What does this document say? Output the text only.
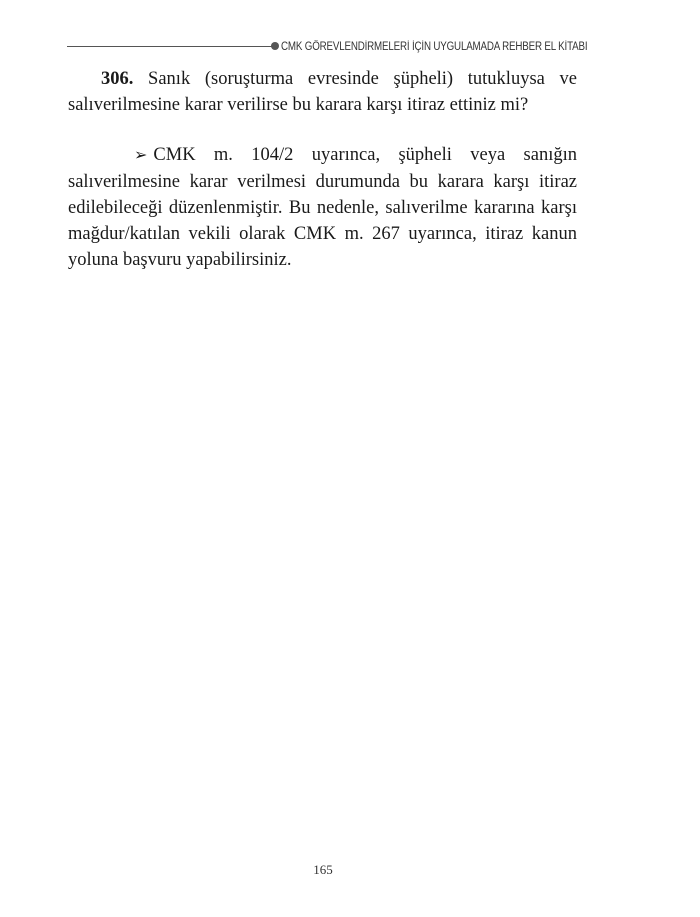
CMK GÖREVLENDİRMELERİ İÇİN UYGULAMADA REHBER EL KİTABI

306. Sanık (soruşturma evresinde şüpheli) tutukluysa ve salıverilmesine karar verilirse bu karara karşı itiraz ettiniz mi?

➢ CMK m. 104/2 uyarınca, şüpheli veya sanığın salıverilmesine karar verilmesi durumunda bu karara karşı itiraz edilebileceği düzenlenmiştir. Bu nedenle, salıverilme kararına karşı mağdur/katılan vekili olarak CMK m. 267 uyarınca, itiraz kanun yoluna başvuru yapabilirsiniz.

165
